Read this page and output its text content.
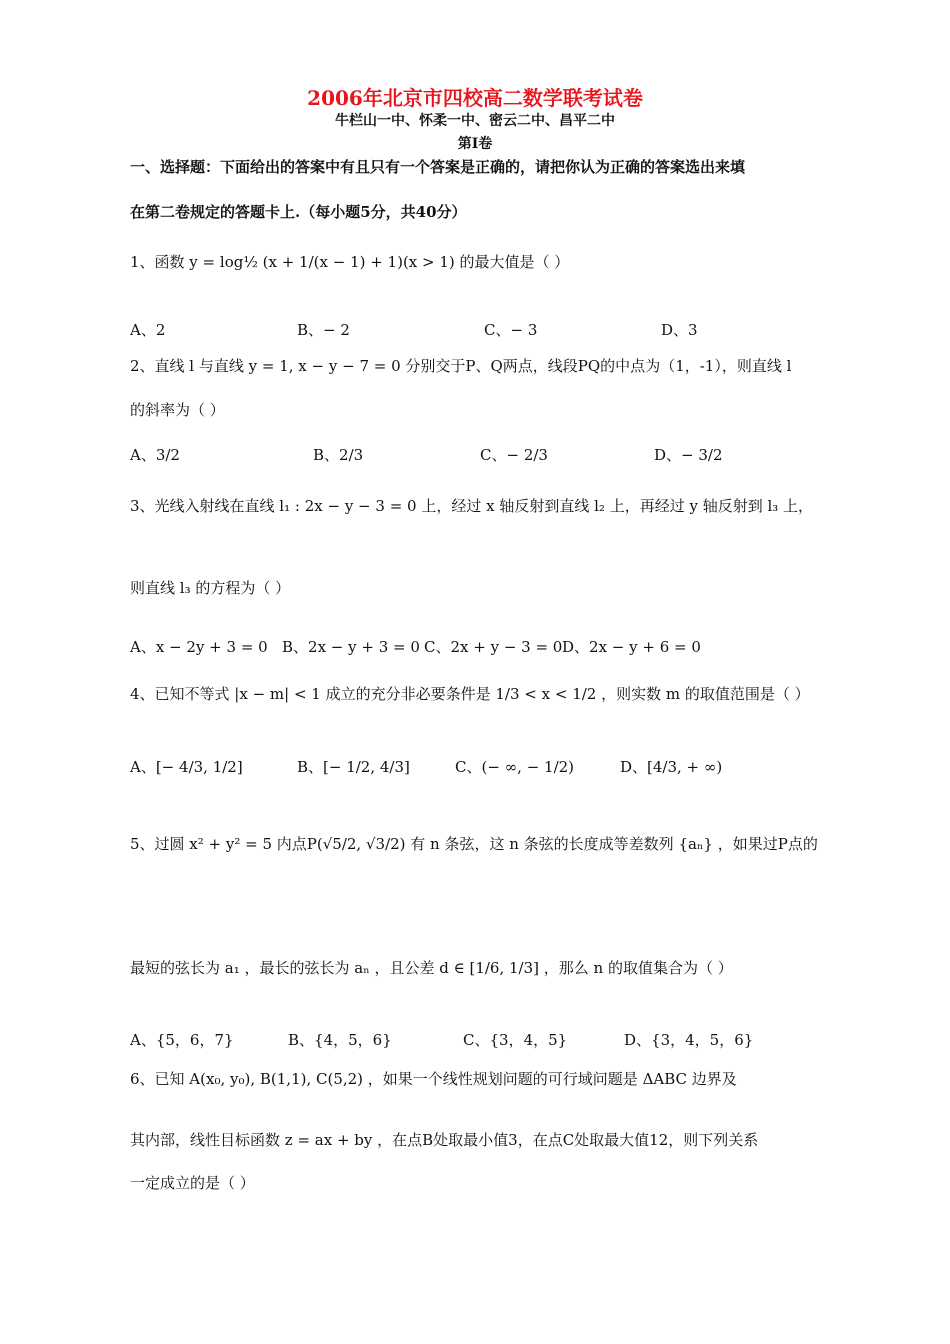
2006年北京市四校高二数学联考试卷
牛栏山一中、怀柔一中、密云二中、昌平二中
第Ⅰ卷
一、选择题：下面给出的答案中有且只有一个答案是正确的，请把你认为正确的答案选出来填
在第二卷规定的答题卡上.（每小题5分，共40分）
1、函数 y = log½ (x + 1/(x − 1) + 1)(x > 1) 的最大值是（ ）
A、2	B、− 2	C、− 3	D、3
2、直线 l 与直线 y = 1, x − y − 7 = 0 分别交于P、Q两点，线段PQ的中点为（1，-1），则直线 l
的斜率为（ ）
A、3/2	B、2/3	C、− 2/3	D、− 3/2
3、光线入射线在直线 l₁ : 2x − y − 3 = 0 上，经过 x 轴反射到直线 l₂ 上，再经过 y 轴反射到 l₃ 上，
则直线 l₃ 的方程为（ ）
A、x − 2y + 3 = 0 B、2x − y + 3 = 0 C、2x + y − 3 = 0 D、2x − y + 6 = 0
4、已知不等式 |x − m| < 1 成立的充分非必要条件是 1/3 < x < 1/2 ，则实数 m 的取值范围是（ ）
A、[− 4/3, 1/2]	B、[− 1/2, 4/3]	C、(− ∞, − 1/2)	D、[4/3, + ∞)
5、过圆 x² + y² = 5 内点P(√5/2, √3/2) 有 n 条弦，这 n 条弦的长度成等差数列 {aₙ} ，如果过P点的
最短的弦长为 a₁ ，最长的弦长为 aₙ ，且公差 d ∈ [1/6, 1/3] ，那么 n 的取值集合为（ ）
A、{5，6，7}	B、{4，5，6}	C、{3，4，5}	D、{3，4，5，6}
6、已知 A(x₀, y₀), B(1,1), C(5,2) ，如果一个线性规划问题的可行域问题是 ΔABC 边界及
其内部，线性目标函数 z = ax + by ，在点B处取最小值3，在点C处取最大值12，则下列关系
一定成立的是（ ）
